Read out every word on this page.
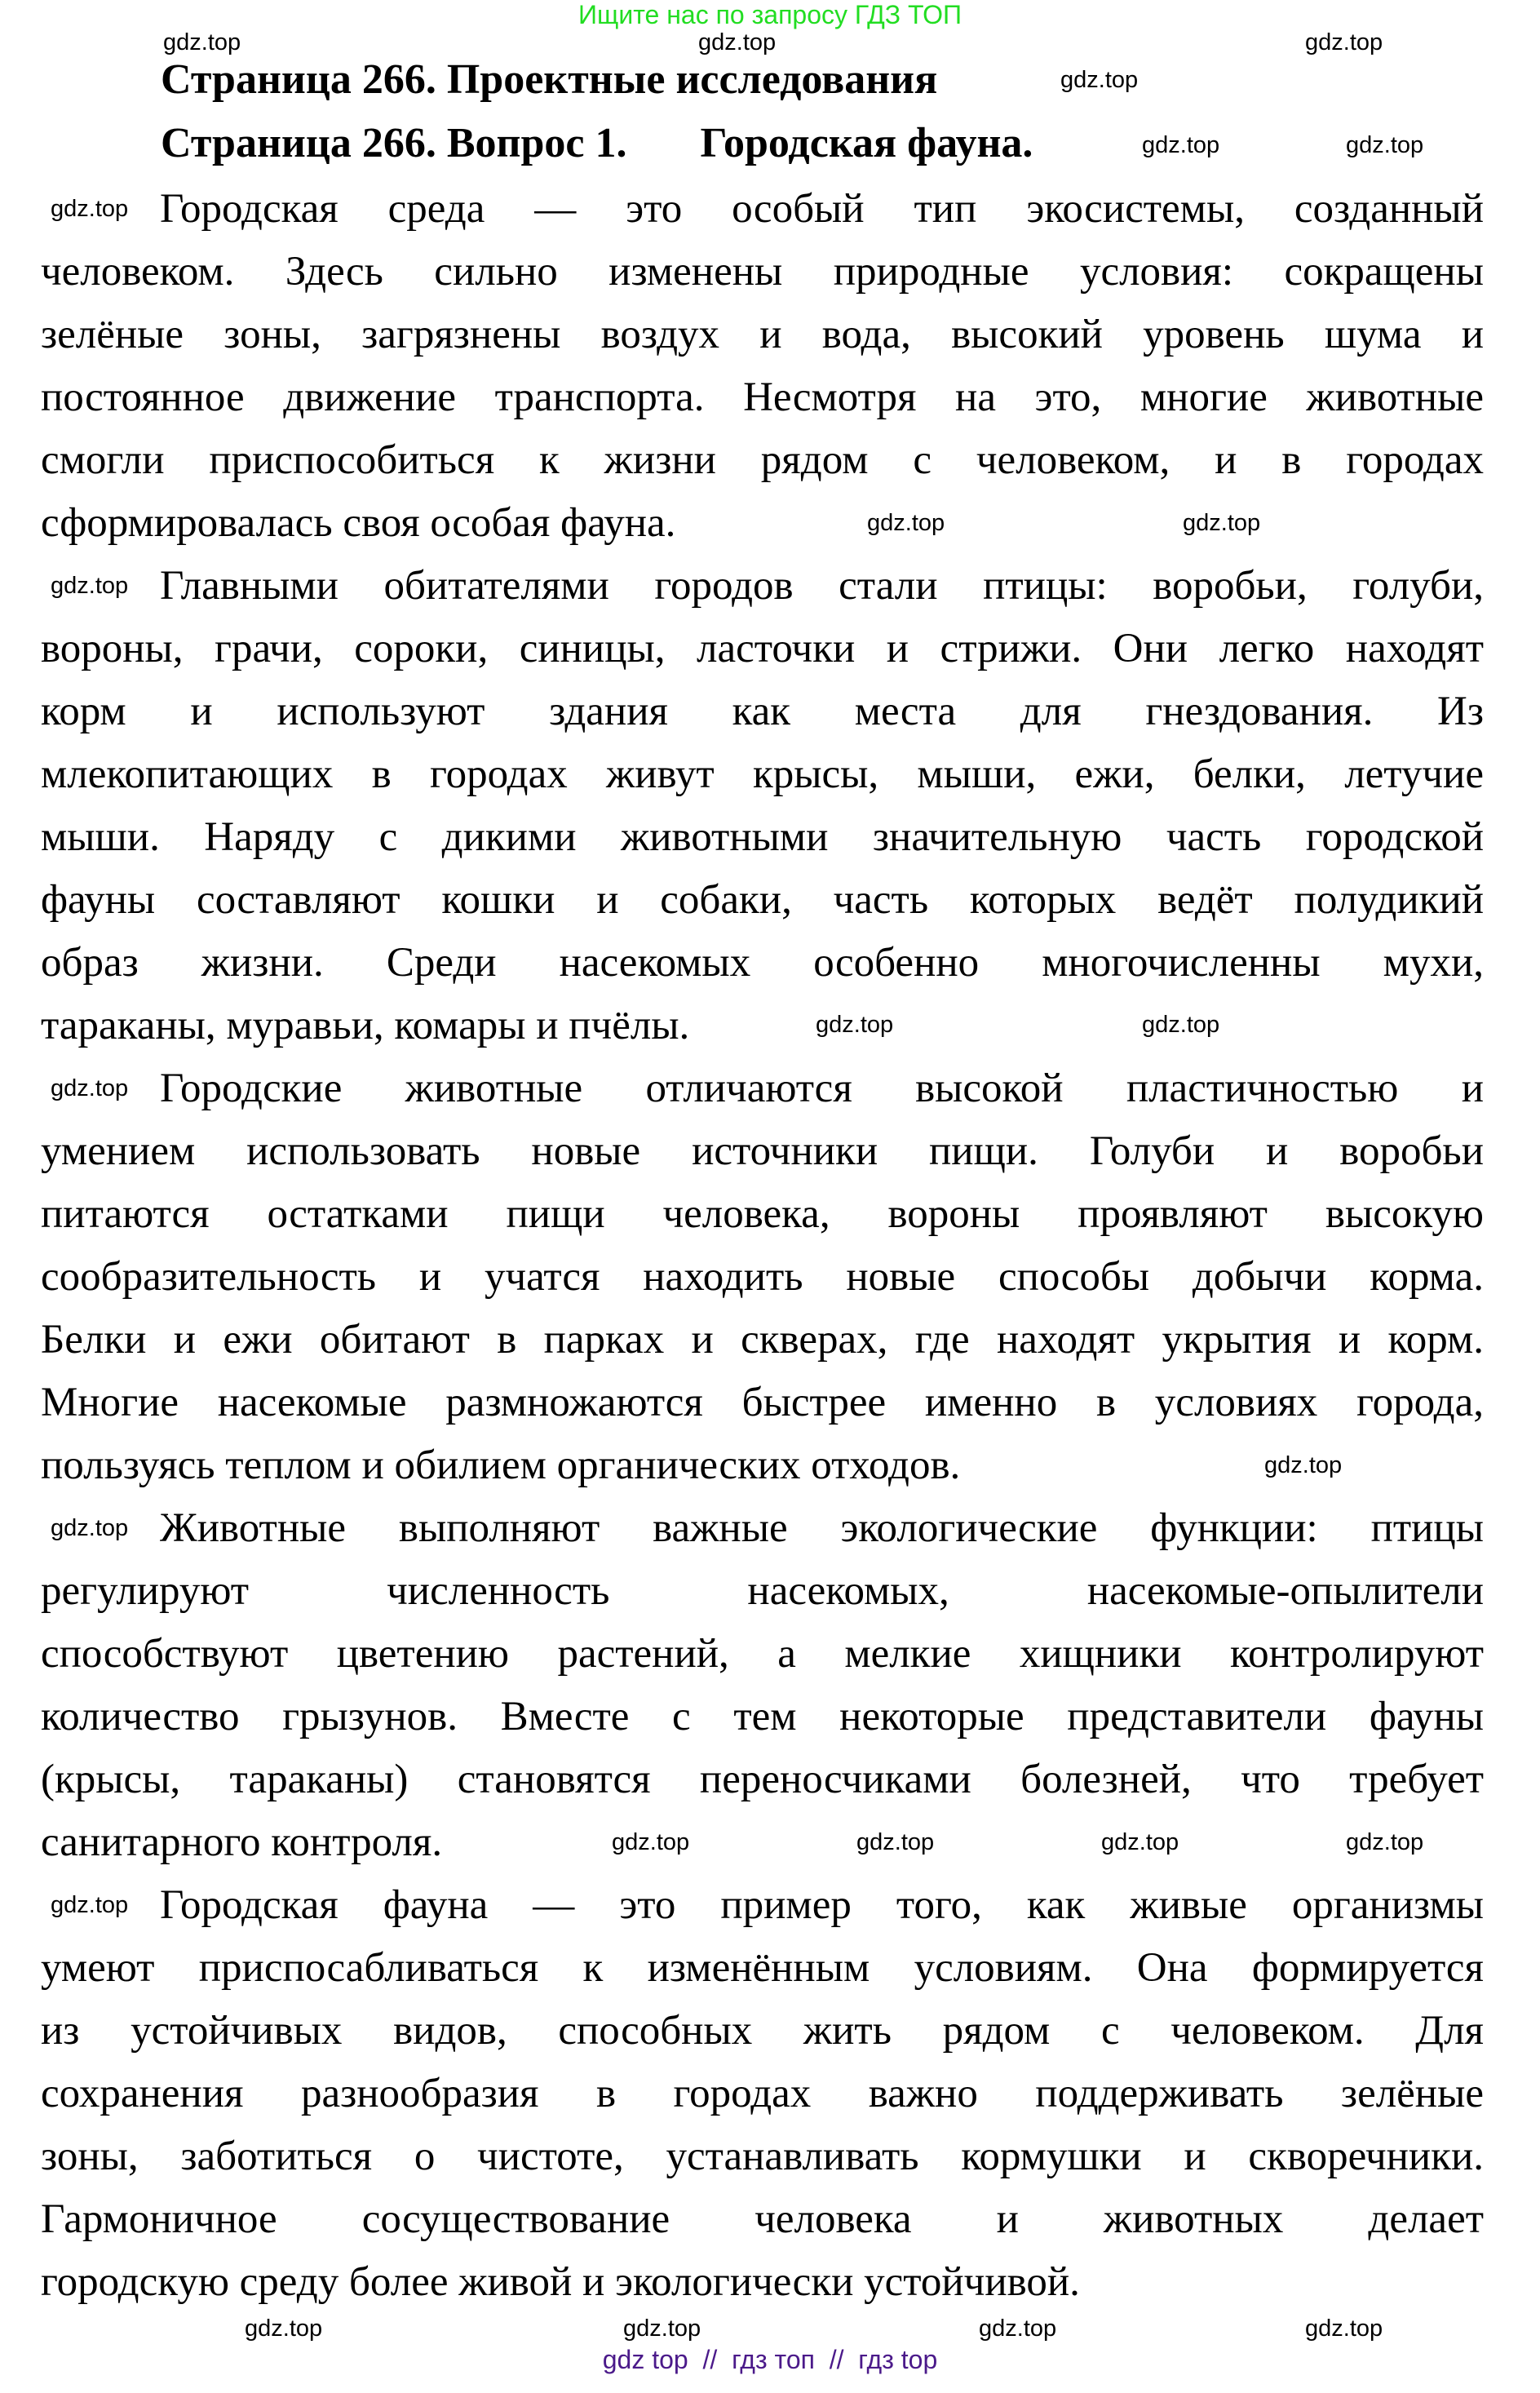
Ищите нас по запросу ГДЗ ТОП
Страница 266. Проектные исследования
Страница 266. Вопрос 1. Городская фауна.
Городская среда — это особый тип экосистемы, созданный
человеком. Здесь сильно изменены природные условия: сокращены
зелёные зоны, загрязнены воздух и вода, высокий уровень шума и
постоянное движение транспорта. Несмотря на это, многие животные
смогли приспособиться к жизни рядом с человеком, и в городах
сформировалась своя особая фауна.
Главными обитателями городов стали птицы: воробьи, голуби,
вороны, грачи, сороки, синицы, ласточки и стрижи. Они легко находят
корм и используют здания как места для гнездования. Из
млекопитающих в городах живут крысы, мыши, ежи, белки, летучие
мыши. Наряду с дикими животными значительную часть городской
фауны составляют кошки и собаки, часть которых ведёт полудикий
образ жизни. Среди насекомых особенно многочисленны мухи,
тараканы, муравьи, комары и пчёлы.
Городские животные отличаются высокой пластичностью и
умением использовать новые источники пищи. Голуби и воробьи
питаются остатками пищи человека, вороны проявляют высокую
сообразительность и учатся находить новые способы добычи корма.
Белки и ежи обитают в парках и скверах, где находят укрытия и корм.
Многие насекомые размножаются быстрее именно в условиях города,
пользуясь теплом и обилием органических отходов.
Животные выполняют важные экологические функции: птицы
регулируют численность насекомых, насекомые-опылители
способствуют цветению растений, а мелкие хищники контролируют
количество грызунов. Вместе с тем некоторые представители фауны
(крысы, тараканы) становятся переносчиками болезней, что требует
санитарного контроля.
Городская фауна — это пример того, как живые организмы
умеют приспосабливаться к изменённым условиям. Она формируется
из устойчивых видов, способных жить рядом с человеком. Для
сохранения разнообразия в городах важно поддерживать зелёные
зоны, заботиться о чистоте, устанавливать кормушки и скворечники.
Гармоничное сосуществование человека и животных делает
городскую среду более живой и экологически устойчивой.
gdz.top
gdz.top
gdz.top	gdz.top
gdz.top
gdz.top	gdz.top
gdz.top
gdz.top	gdz.top
gdz.top
gdz.top
gdz.top
gdz.top	gdz.top	gdz.top	gdz.top
gdz.top
gdz.top	gdz.top	gdz.top	gdz.top
gdz.top	gdz.top
gdz top  //  гдз топ  //  гдз top
